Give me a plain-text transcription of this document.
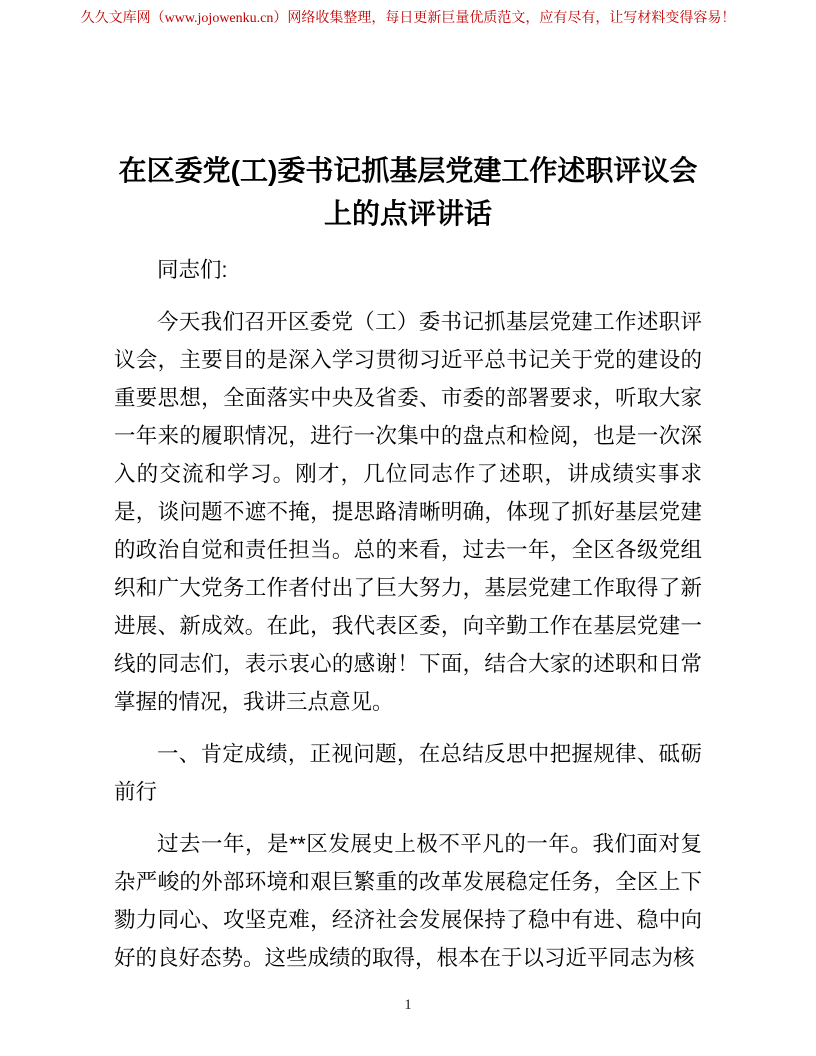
久久文库网（www.jojowenku.cn）网络收集整理，每日更新巨量优质范文，应有尽有，让写材料变得容易！
在区委党(工)委书记抓基层党建工作述职评议会上的点评讲话

同志们:

今天我们召开区委党（工）委书记抓基层党建工作述职评议会，主要目的是深入学习贯彻习近平总书记关于党的建设的重要思想，全面落实中央及省委、市委的部署要求，听取大家一年来的履职情况，进行一次集中的盘点和检阅，也是一次深入的交流和学习。刚才，几位同志作了述职，讲成绩实事求是，谈问题不遮不掩，提思路清晰明确，体现了抓好基层党建的政治自觉和责任担当。总的来看，过去一年，全区各级党组织和广大党务工作者付出了巨大努力，基层党建工作取得了新进展、新成效。在此，我代表区委，向辛勤工作在基层党建一线的同志们，表示衷心的感谢！下面，结合大家的述职和日常掌握的情况，我讲三点意见。

一、肯定成绩，正视问题，在总结反思中把握规律、砥砺前行

过去一年，是**区发展史上极不平凡的一年。我们面对复杂严峻的外部环境和艰巨繁重的改革发展稳定任务，全区上下勠力同心、攻坚克难，经济社会发展保持了稳中有进、稳中向好的良好态势。这些成绩的取得，根本在于以习近平同志为核

1
